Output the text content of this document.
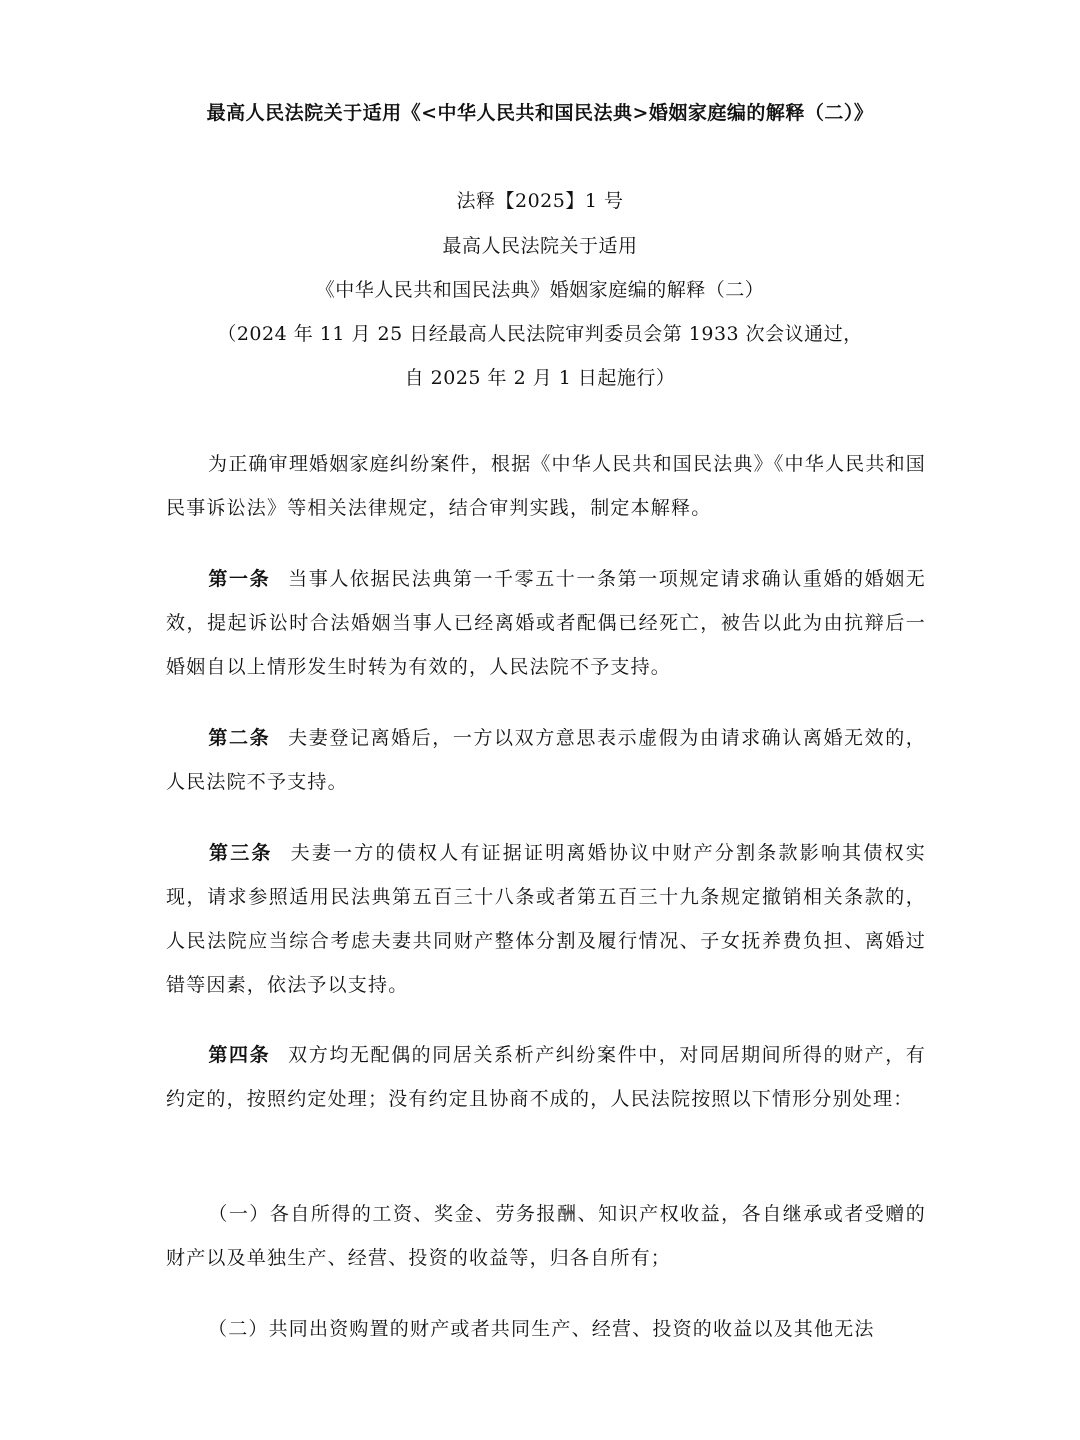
最高人民法院关于适用《<中华人民共和国民法典>婚姻家庭编的解释（二）》
法释【2025】1 号
最高人民法院关于适用
《中华人民共和国民法典》婚姻家庭编的解释（二）
（2024 年 11 月 25 日经最高人民法院审判委员会第 1933 次会议通过，
自 2025 年 2 月 1 日起施行）
为正确审理婚姻家庭纠纷案件，根据《中华人民共和国民法典》《中华人民共和国民事诉讼法》等相关法律规定，结合审判实践，制定本解释。
第一条 当事人依据民法典第一千零五十一条第一项规定请求确认重婚的婚姻无效，提起诉讼时合法婚姻当事人已经离婚或者配偶已经死亡，被告以此为由抗辩后一婚姻自以上情形发生时转为有效的，人民法院不予支持。
第二条 夫妻登记离婚后，一方以双方意思表示虚假为由请求确认离婚无效的，人民法院不予支持。
第三条 夫妻一方的债权人有证据证明离婚协议中财产分割条款影响其债权实现，请求参照适用民法典第五百三十八条或者第五百三十九条规定撤销相关条款的，人民法院应当综合考虑夫妻共同财产整体分割及履行情况、子女抚养费负担、离婚过错等因素，依法予以支持。
第四条 双方均无配偶的同居关系析产纠纷案件中，对同居期间所得的财产，有约定的，按照约定处理；没有约定且协商不成的，人民法院按照以下情形分别处理：
（一）各自所得的工资、奖金、劳务报酬、知识产权收益，各自继承或者受赠的财产以及单独生产、经营、投资的收益等，归各自所有；
（二）共同出资购置的财产或者共同生产、经营、投资的收益以及其他无法
